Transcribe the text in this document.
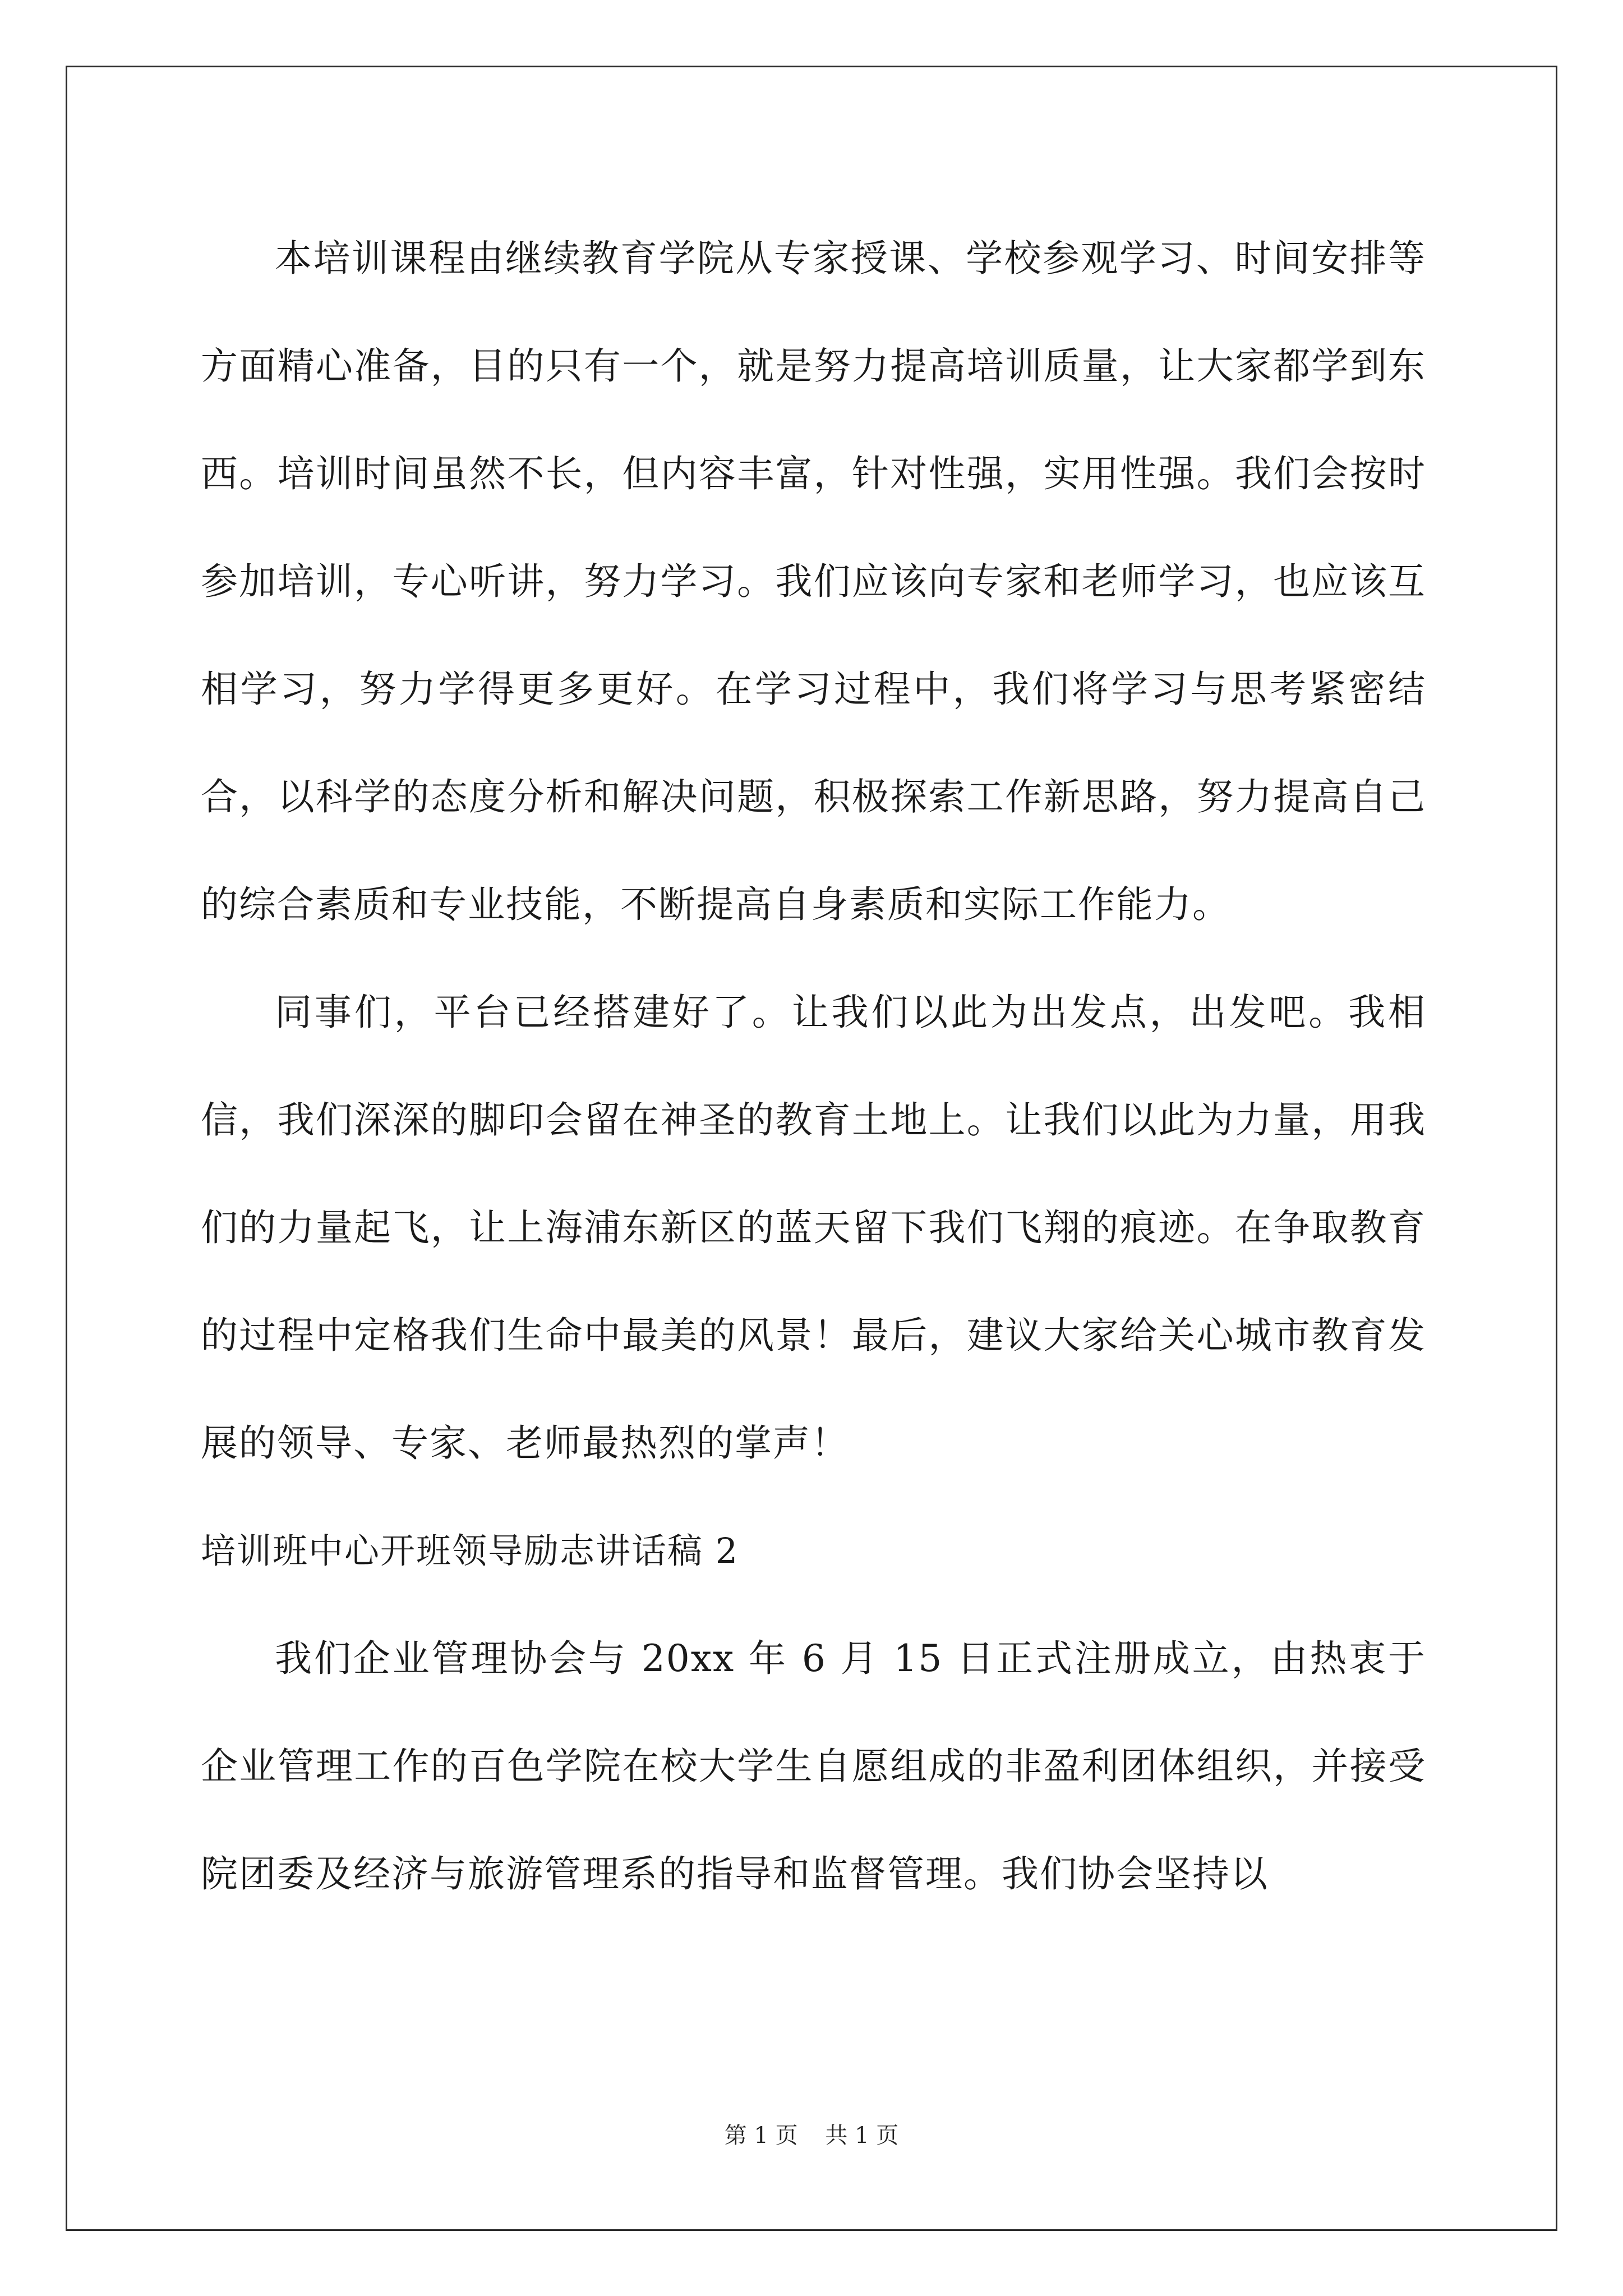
本培训课程由继续教育学院从专家授课、学校参观学习、时间安排等方面精心准备，目的只有一个，就是努力提高培训质量，让大家都学到东西。培训时间虽然不长，但内容丰富，针对性强，实用性强。我们会按时参加培训，专心听讲，努力学习。我们应该向专家和老师学习，也应该互相学习，努力学得更多更好。在学习过程中，我们将学习与思考紧密结合，以科学的态度分析和解决问题，积极探索工作新思路，努力提高自己的综合素质和专业技能，不断提高自身素质和实际工作能力。

同事们，平台已经搭建好了。让我们以此为出发点，出发吧。我相信，我们深深的脚印会留在神圣的教育土地上。让我们以此为力量，用我们的力量起飞，让上海浦东新区的蓝天留下我们飞翔的痕迹。在争取教育的过程中定格我们生命中最美的风景！最后，建议大家给关心城市教育发展的领导、专家、老师最热烈的掌声！

培训班中心开班领导励志讲话稿 2

我们企业管理协会与 20xx 年 6 月 15 日正式注册成立，由热衷于企业管理工作的百色学院在校大学生自愿组成的非盈利团体组织，并接受院团委及经济与旅游管理系的指导和监督管理。我们协会坚持以

第 1 页 共 1 页
